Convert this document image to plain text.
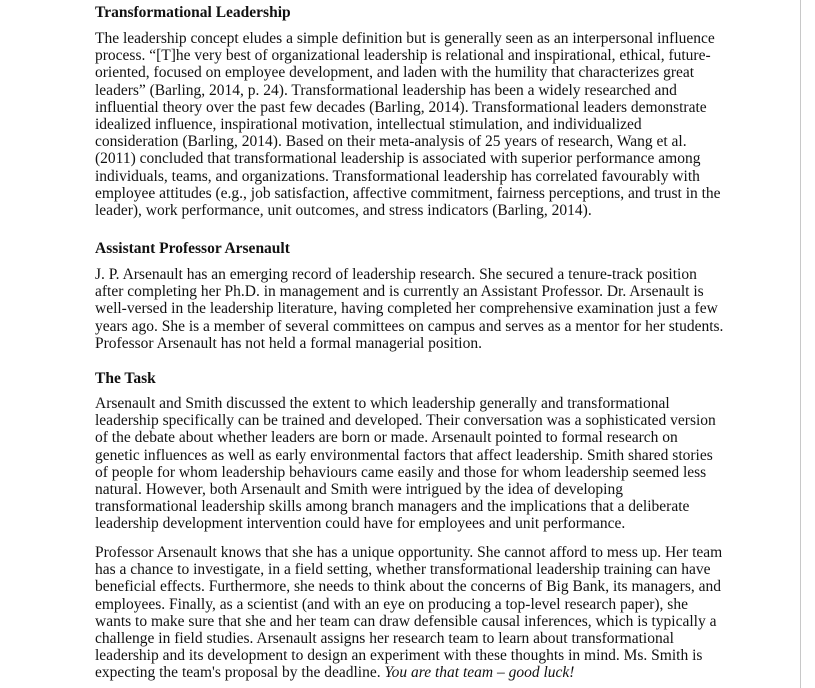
Transformational Leadership
The leadership concept eludes a simple definition but is generally seen as an interpersonal influence
process. “[T]he very best of organizational leadership is relational and inspirational, ethical, future-
oriented, focused on employee development, and laden with the humility that characterizes great
leaders” (Barling, 2014, p. 24). Transformational leadership has been a widely researched and
influential theory over the past few decades (Barling, 2014). Transformational leaders demonstrate
idealized influence, inspirational motivation, intellectual stimulation, and individualized
consideration (Barling, 2014). Based on their meta-analysis of 25 years of research, Wang et al.
(2011) concluded that transformational leadership is associated with superior performance among
individuals, teams, and organizations. Transformational leadership has correlated favourably with
employee attitudes (e.g., job satisfaction, affective commitment, fairness perceptions, and trust in the
leader), work performance, unit outcomes, and stress indicators (Barling, 2014).
Assistant Professor Arsenault
J. P. Arsenault has an emerging record of leadership research. She secured a tenure-track position
after completing her Ph.D. in management and is currently an Assistant Professor. Dr. Arsenault is
well-versed in the leadership literature, having completed her comprehensive examination just a few
years ago. She is a member of several committees on campus and serves as a mentor for her students.
Professor Arsenault has not held a formal managerial position.
The Task
Arsenault and Smith discussed the extent to which leadership generally and transformational
leadership specifically can be trained and developed. Their conversation was a sophisticated version
of the debate about whether leaders are born or made. Arsenault pointed to formal research on
genetic influences as well as early environmental factors that affect leadership. Smith shared stories
of people for whom leadership behaviours came easily and those for whom leadership seemed less
natural. However, both Arsenault and Smith were intrigued by the idea of developing
transformational leadership skills among branch managers and the implications that a deliberate
leadership development intervention could have for employees and unit performance.
Professor Arsenault knows that she has a unique opportunity. She cannot afford to mess up. Her team
has a chance to investigate, in a field setting, whether transformational leadership training can have
beneficial effects. Furthermore, she needs to think about the concerns of Big Bank, its managers, and
employees. Finally, as a scientist (and with an eye on producing a top-level research paper), she
wants to make sure that she and her team can draw defensible causal inferences, which is typically a
challenge in field studies. Arsenault assigns her research team to learn about transformational
leadership and its development to design an experiment with these thoughts in mind. Ms. Smith is
expecting the team's proposal by the deadline. You are that team – good luck!
